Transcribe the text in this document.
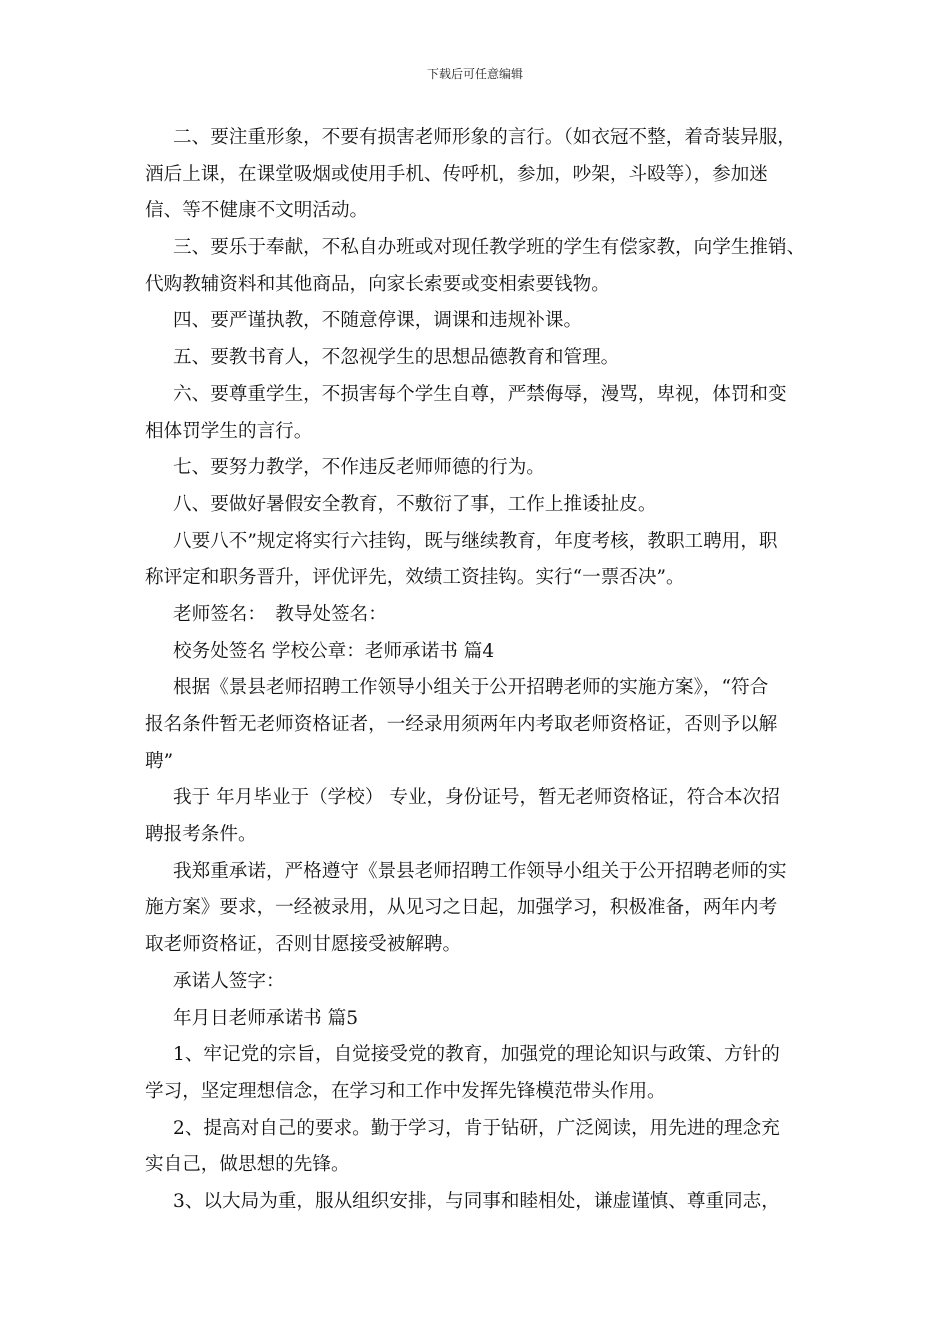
下载后可任意编辑
二、要注重形象，不要有损害老师形象的言行。（如衣冠不整，着奇装异服，
酒后上课，在课堂吸烟或使用手机、传呼机，参加，吵架，斗殴等），参加迷
信、等不健康不文明活动。
三、要乐于奉献，不私自办班或对现任教学班的学生有偿家教，向学生推销、
代购教辅资料和其他商品，向家长索要或变相索要钱物。
四、要严谨执教，不随意停课，调课和违规补课。
五、要教书育人，不忽视学生的思想品德教育和管理。
六、要尊重学生，不损害每个学生自尊，严禁侮辱，漫骂，卑视，体罚和变
相体罚学生的言行。
七、要努力教学，不作违反老师师德的行为。
八、要做好暑假安全教育，不敷衍了事，工作上推诿扯皮。
八要八不”规定将实行六挂钩，既与继续教育，年度考核，教职工聘用，职
称评定和职务晋升，评优评先，效绩工资挂钩。实行“一票否决”。
老师签名：　教导处签名：
校务处签名 学校公章：老师承诺书 篇4
根据《景县老师招聘工作领导小组关于公开招聘老师的实施方案》，“符合
报名条件暂无老师资格证者，一经录用须两年内考取老师资格证，否则予以解
聘”
我于 年月毕业于（学校） 专业，身份证号，暂无老师资格证，符合本次招
聘报考条件。
我郑重承诺，严格遵守《景县老师招聘工作领导小组关于公开招聘老师的实
施方案》要求，一经被录用，从见习之日起，加强学习，积极准备，两年内考
取老师资格证，否则甘愿接受被解聘。
承诺人签字：
年月日老师承诺书 篇5
1、牢记党的宗旨，自觉接受党的教育，加强党的理论知识与政策、方针的
学习，坚定理想信念，在学习和工作中发挥先锋模范带头作用。
2、提高对自己的要求。勤于学习，肯于钻研，广泛阅读，用先进的理念充
实自己，做思想的先锋。
3、以大局为重，服从组织安排，与同事和睦相处，谦虚谨慎、尊重同志，
